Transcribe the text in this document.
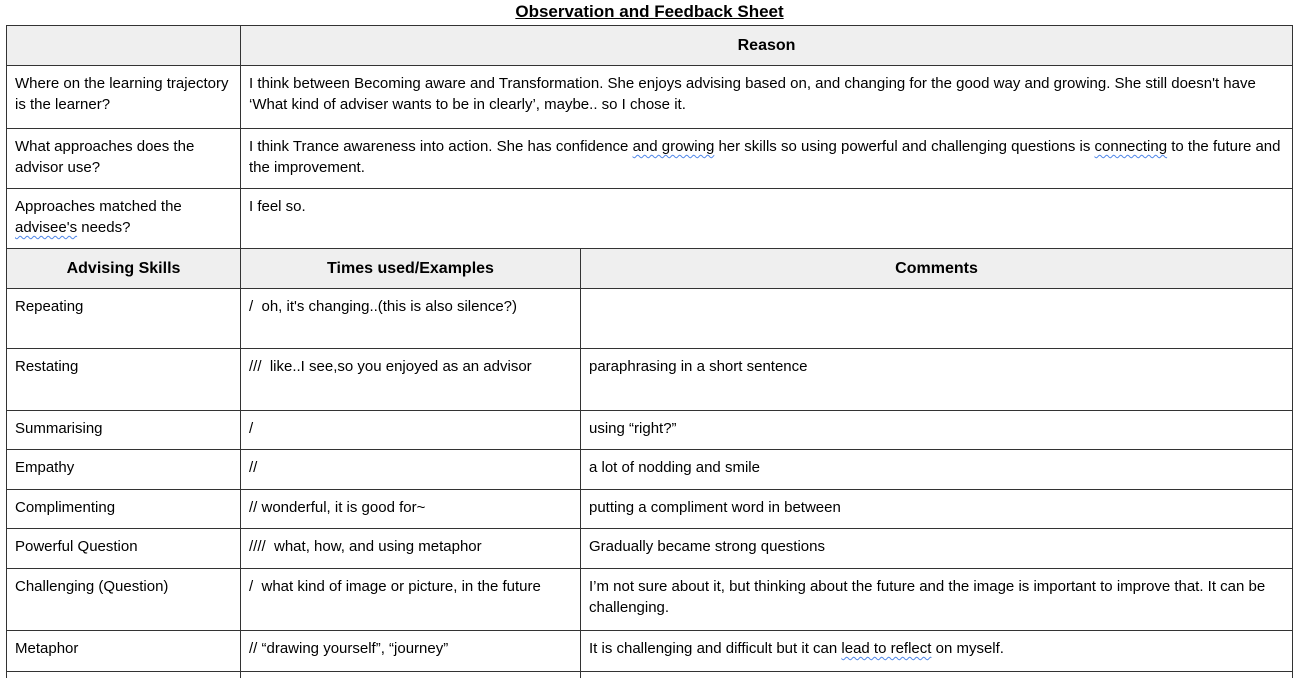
Observation and Feedback Sheet
	Reason	
Where on the learning trajectory is the learner?	I think between Becoming aware and Transformation. She enjoys advising based on, and changing for the good way and growing. She still doesn't have ‘What kind of adviser wants to be in clearly’, maybe.. so I chose it.	
What approaches does the advisor use?	I think Trance awareness into action. She has confidence and growing her skills so using powerful and challenging questions is connecting to the future and the improvement.	
Approaches matched the advisee's needs?	I feel so.	
Advising Skills	Times used/Examples	Comments
Repeating	/  oh, it's changing..(this is also silence?)	
Restating	///  like..I see,so you enjoyed as an advisor	paraphrasing in a short sentence
Summarising	/	using “right?”
Empathy	//	a lot of nodding and smile
Complimenting	// wonderful, it is good for~	putting a compliment word in between
Powerful Question	////  what, how, and using metaphor	Gradually became strong questions
Challenging (Question)	/  what kind of image or picture, in the future	I’m not sure about it, but thinking about the future and the image is important to improve that. It can be challenging.
Metaphor	// “drawing yourself”, “journey”	It is challenging and difficult but it can lead to reflect on myself.
